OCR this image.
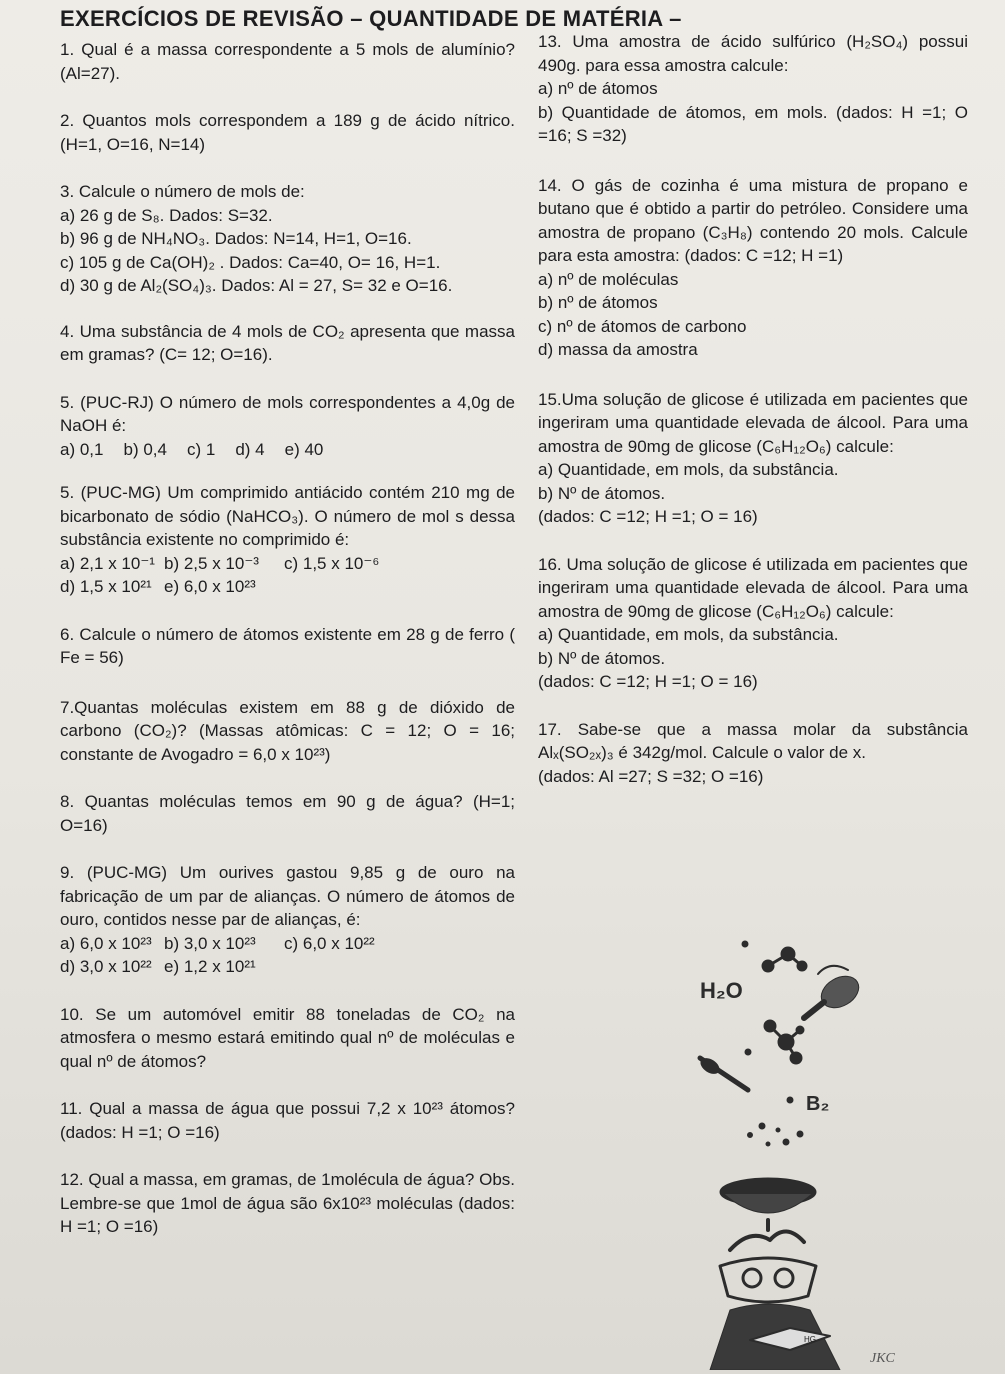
EXERCÍCIOS DE REVISÃO – QUANTIDADE DE MATÉRIA –

1. Qual é a massa correspondente a 5 mols de alumínio? (Al=27).

2. Quantos mols correspondem a 189 g de ácido nítrico. (H=1, O=16, N=14)

3. Calcule o número de mols de:

a) 26 g de S₈. Dados: S=32.

b) 96 g de NH₄NO₃. Dados: N=14, H=1, O=16.

c) 105 g de Ca(OH)₂ . Dados: Ca=40, O= 16, H=1.

d) 30 g de Al₂(SO₄)₃. Dados: Al = 27, S= 32 e O=16.

4. Uma substância de 4 mols de CO₂ apresenta que massa em gramas? (C= 12; O=16).

5. (PUC-RJ) O número de mols correspondentes a 4,0g de NaOH é:

a) 0,1 b) 0,4 c) 1 d) 4 e) 40

5. (PUC-MG) Um comprimido antiácido contém 210 mg de bicarbonato de sódio (NaHCO₃). O número de mol s dessa substância existente no comprimido é:

a) 2,1 x 10⁻¹ b) 2,5 x 10⁻³	c) 1,5 x 10⁻⁶
d) 1,5 x 10²¹ e) 6,0 x 10²³

6. Calcule o número de átomos existente em 28 g de ferro ( Fe = 56)

7.Quantas moléculas existem em 88 g de dióxido de carbono (CO₂)? (Massas atômicas: C = 12; O = 16; constante de Avogadro = 6,0 x 10²³)

8. Quantas moléculas temos em 90 g de água? (H=1; O=16)

9. (PUC-MG) Um ourives gastou 9,85 g de ouro na fabricação de um par de alianças. O número de átomos de ouro, contidos nesse par de alianças, é:

a) 6,0 x 10²³ b) 3,0 x 10²³	c) 6,0 x 10²²
d) 3,0 x 10²² e) 1,2 x 10²¹

10. Se um automóvel emitir 88 toneladas de CO₂ na atmosfera o mesmo estará emitindo qual nº de moléculas e qual nº de átomos?

11. Qual a massa de água que possui 7,2 x 10²³ átomos? (dados: H =1; O =16)

12. Qual a massa, em gramas, de 1molécula de água? Obs. Lembre-se que 1mol de água são 6x10²³ moléculas (dados: H =1; O =16)

13. Uma amostra de ácido sulfúrico (H₂SO₄) possui 490g. para essa amostra calcule:

a) nº de átomos

b) Quantidade de átomos, em mols. (dados: H =1; O =16; S =32)

14. O gás de cozinha é uma mistura de propano e butano que é obtido a partir do petróleo. Considere uma amostra de propano (C₃H₈) contendo 20 mols. Calcule para esta amostra: (dados: C =12; H =1)

a) nº de moléculas

b) nº de átomos

c) nº de átomos de carbono

d) massa da amostra

15.Uma solução de glicose é utilizada em pacientes que ingeriram uma quantidade elevada de álcool. Para uma amostra de 90mg de glicose (C₆H₁₂O₆) calcule:

a) Quantidade, em mols, da substância.

b) Nº de átomos.

(dados: C =12; H =1; O = 16)

16. Uma solução de glicose é utilizada em pacientes que ingeriram uma quantidade elevada de álcool. Para uma amostra de 90mg de glicose (C₆H₁₂O₆) calcule:

a) Quantidade, em mols, da substância.

b) Nº de átomos.

(dados: C =12; H =1; O = 16)

17. Sabe-se que a massa molar da substância Alₓ(SO₂ₓ)₃ é 342g/mol. Calcule o valor de x.

(dados: Al =27; S =32; O =16)

H₂O
B₂
HG
JKC
